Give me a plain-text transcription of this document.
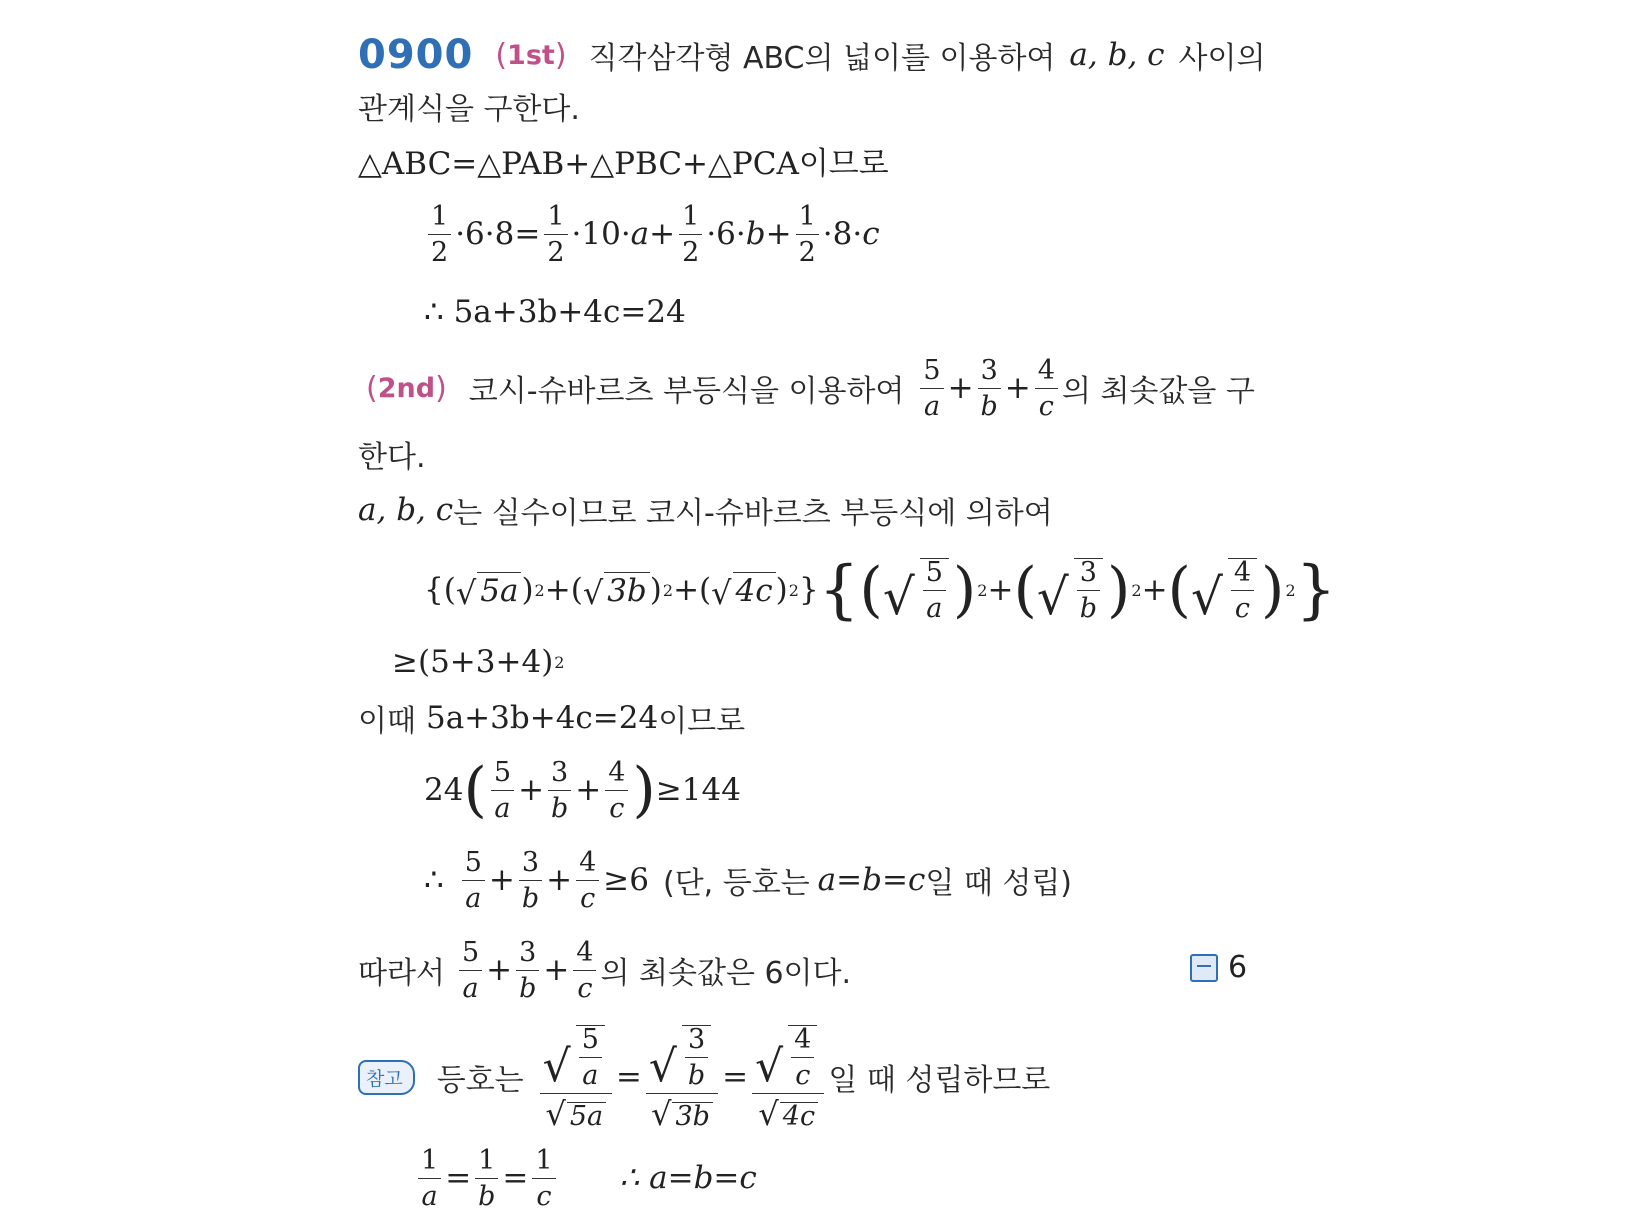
0900 ( 1st ) 직각삼각형 ABC의 넓이를 이용하여 a, b, c 사이의
관계식을 구한다.
△ABC=△PAB+△PBC+△PCA이므로
$\frac{1}{2} \cdot 6\cdot 8= \frac{1}{2} \cdot 10\cdot a + \frac{1}{2} \cdot 6\cdot b + \frac{1}{2} \cdot 8\cdot c$
∴ 5a+3b+4c=24
( 2nd ) 코시-슈바르츠 부등식을 이용하여 $\frac{5}{a} + \frac{3}{b} + \frac{4}{c}$ 의 최솟값을 구
한다.
a, b, c 는 실수이므로 코시-슈바르츠 부등식에 의하여
{( √ 5a ) 2 +( √ 3b ) 2 +( √ 4c ) 2 } { ( √ $\frac{5}{a}$ ) 2 + ( √ $\frac{3}{b}$ ) 2 + ( √ $\frac{4}{c}$ ) 2 }
≥(5+3+4) 2
이때 5a+3b+4c=24 이므로
24 ( $\frac{5}{a} + \frac{3}{b} + \frac{4}{c}$ ) ≥144
∴ $\frac{5}{a} + \frac{3}{b} + \frac{4}{c} \ge 6$ (단, 등호는 a=b=c 일 때 성립)
따라서 $\frac{5}{a} + \frac{3}{b} + \frac{4}{c}$ 의 최솟값은 6이다.	6
참고	등호는 $\frac{√ \frac{5}{a}}{√ 5a} = \frac{√ \frac{3}{b}}{√ 3b} = \frac{√ \frac{4}{c}}{√ 4c}$ 일 때 성립하므로
$\frac{1}{a} = \frac{1}{b} = \frac{1}{c}$ ∴ a=b=c
